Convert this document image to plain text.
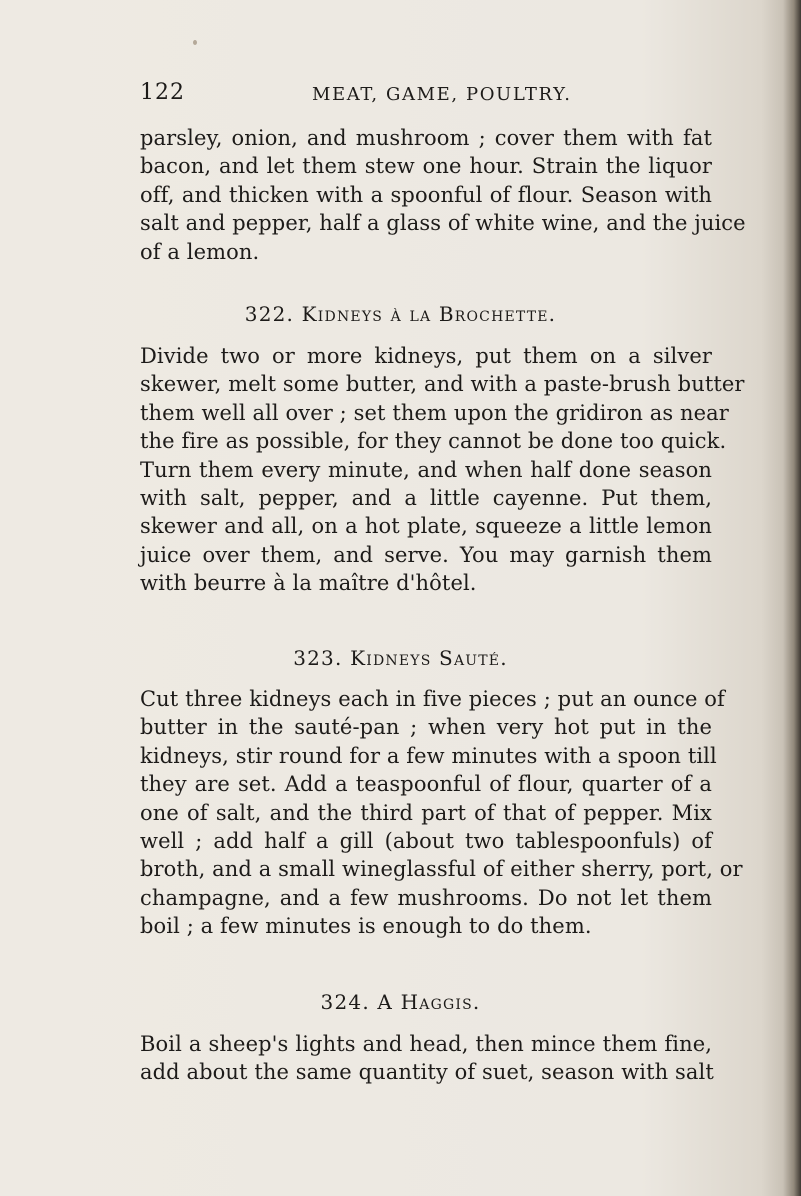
122	MEAT, GAME, POULTRY.
parsley, onion, and mushroom ; cover them with fat
bacon, and let them stew one hour. Strain the liquor
off, and thicken with a spoonful of flour. Season with
salt and pepper, half a glass of white wine, and the juice
of a lemon.
322. Kidneys à la Brochette.
Divide two or more kidneys, put them on a silver
skewer, melt some butter, and with a paste-brush butter
them well all over ; set them upon the gridiron as near
the fire as possible, for they cannot be done too quick.
Turn them every minute, and when half done season
with salt, pepper, and a little cayenne. Put them,
skewer and all, on a hot plate, squeeze a little lemon
juice over them, and serve. You may garnish them
with beurre à la maître d'hôtel.
323. Kidneys Sauté.
Cut three kidneys each in five pieces ; put an ounce of
butter in the sauté-pan ; when very hot put in the
kidneys, stir round for a few minutes with a spoon till
they are set. Add a teaspoonful of flour, quarter of a
one of salt, and the third part of that of pepper. Mix
well ; add half a gill (about two tablespoonfuls) of
broth, and a small wineglassful of either sherry, port, or
champagne, and a few mushrooms. Do not let them
boil ; a few minutes is enough to do them.
324. A Haggis.
Boil a sheep's lights and head, then mince them fine,
add about the same quantity of suet, season with salt
